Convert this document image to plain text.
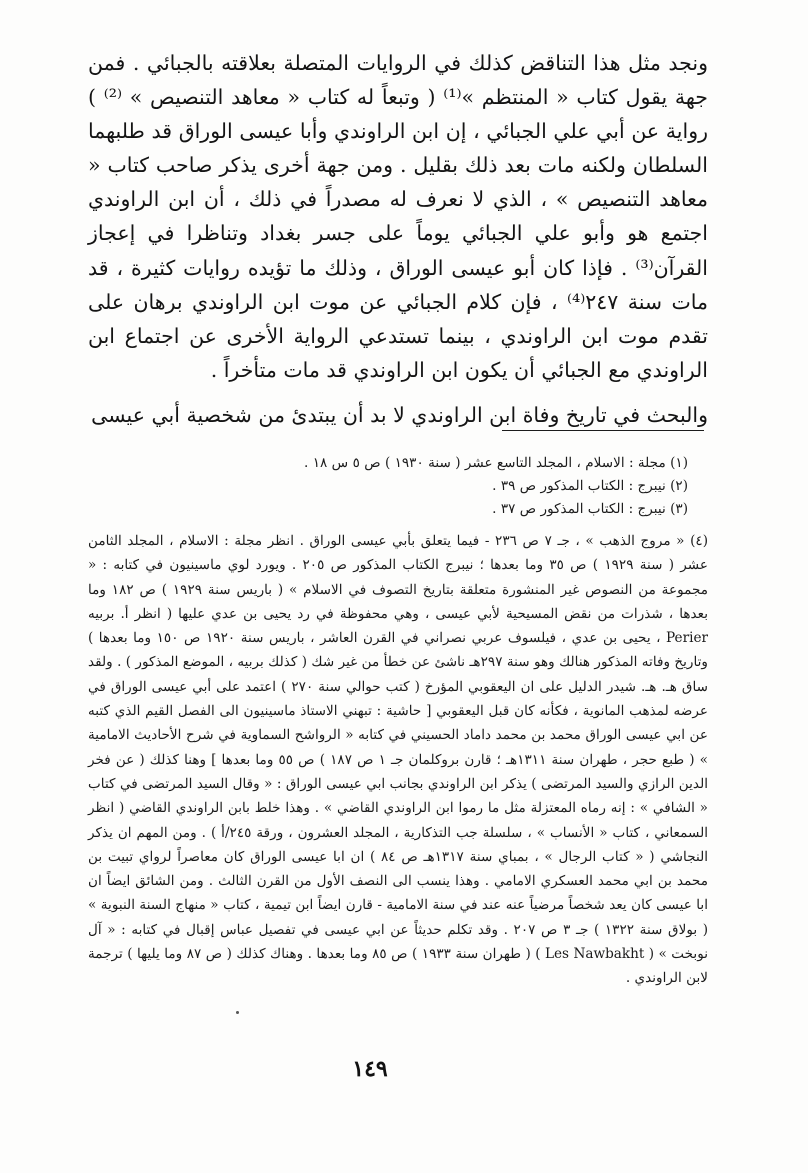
ونجد مثل هذا التناقض كذلك في الروايات المتصلة بعلاقته بالجبائي . فمن جهة يقول كتاب « المنتظم »⁽¹⁾ ( وتبعاً له كتاب « معاهد التنصيص » ⁽²⁾ ) رواية عن أبي علي الجبائي ، إن ابن الراوندي وأبا عيسى الوراق قد طلبهما السلطان ولكنه مات بعد ذلك بقليل . ومن جهة أخرى يذكر صاحب كتاب « معاهد التنصيص » ، الذي لا نعرف له مصدراً في ذلك ، أن ابن الراوندي اجتمع هو وأبو علي الجبائي يوماً على جسر بغداد وتناظرا في إعجاز القرآن⁽³⁾ . فإذا كان أبو عيسى الوراق ، وذلك ما تؤيده روايات كثيرة ، قد مات سنة ٢٤٧⁽⁴⁾ ، فإن كلام الجبائي عن موت ابن الراوندي برهان على تقدم موت ابن الراوندي ، بينما تستدعي الرواية الأخرى عن اجتماع ابن الراوندي مع الجبائي أن يكون ابن الراوندي قد مات متأخراً .

والبحث في تاريخ وفاة ابن الراوندي لا بد أن يبتدئ من شخصية أبي عيسى

(١) مجلة : الاسلام ، المجلد التاسع عشر ( سنة ١٩٣٠ ) ص ٥ س ١٨ .

(٢) نيبرج : الكتاب المذكور ص ٣٩ .

(٣) نيبرج : الكتاب المذكور ص ٣٧ .

(٤) « مروج الذهب » ، جـ ٧ ص ٢٣٦ - فيما يتعلق بأبي عيسى الوراق . انظر مجلة : الاسلام ، المجلد الثامن عشر ( سنة ١٩٢٩ ) ص ٣٥ وما بعدها ؛ نيبرج الكتاب المذكور ص ٢٠٥ . ويورد لوي ماسينيون في كتابه : « مجموعة من النصوص غير المنشورة متعلقة بتاريخ التصوف في الاسلام » ( باريس سنة ١٩٢٩ ) ص ١٨٢ وما بعدها ، شذرات من نقض المسيحية لأبي عيسى ، وهي محفوظة في رد يحيى بن عدي عليها ( انظر أ. بربيه Perier ، يحيى بن عدي ، فيلسوف عربي نصراني في القرن العاشر ، باريس سنة ١٩٢٠ ص ١٥٠ وما بعدها ) وتاريخ وفاته المذكور هنالك وهو سنة ٢٩٧هـ ناشئ عن خطأ من غير شك ( كذلك بربيه ، الموضع المذكور ) . ولقد ساق هـ. هـ. شيدر الدليل على ان اليعقوبي المؤرخ ( كتب حوالي سنة ٢٧٠ ) اعتمد على أبي عيسى الوراق في عرضه لمذهب المانوية ، فكأنه كان قبل اليعقوبي [ حاشية : تبهني الاستاذ ماسينيون الى الفصل القيم الذي كتبه عن ابي عيسى الوراق محمد بن محمد داماد الحسيني في كتابه « الرواشح السماوية في شرح الأحاديث الامامية » ( طبع حجر ، طهران سنة ١٣١١هـ ؛ قارن بروكلمان جـ ١ ص ١٨٧ ) ص ٥٥ وما بعدها ] وهنا كذلك ( عن فخر الدين الرازي والسيد المرتضى ) يذكر ابن الراوندي بجانب ابي عيسى الوراق : « وقال السيد المرتضى في كتاب « الشافي » : إنه رماه المعتزلة مثل ما رموا ابن الراوندي القاضي » . وهذا خلط بابن الراوندي القاضي ( انظر السمعاني ، كتاب « الأنساب » ، سلسلة جب التذكارية ، المجلد العشرون ، ورقة ٢٤٥/أ ) . ومن المهم ان يذكر النجاشي ( « كتاب الرجال » ، بمباي سنة ١٣١٧هـ ص ٨٤ ) ان ابا عيسى الوراق كان معاصراً لرواي تبيت بن محمد بن ابي محمد العسكري الامامي . وهذا ينسب الى النصف الأول من القرن الثالث . ومن الشائق ايضاً ان ابا عيسى كان يعد شخصاً مرضياً عنه عند في سنة الامامية - قارن ايضاً ابن تيمية ، كتاب « منهاج السنة النبوية » ( بولاق سنة ١٣٢٢ ) جـ ٣ ص ٢٠٧ . وقد تكلم حديثاً عن ابي عيسى في تفصيل عباس إقبال في كتابه : « آل نوبخت » ( Les Nawbakht ) ( طهران سنة ١٩٣٣ ) ص ٨٥ وما بعدها . وهناك كذلك ( ص ٨٧ وما يليها ) ترجمة لابن الراوندي .

١٤٩
